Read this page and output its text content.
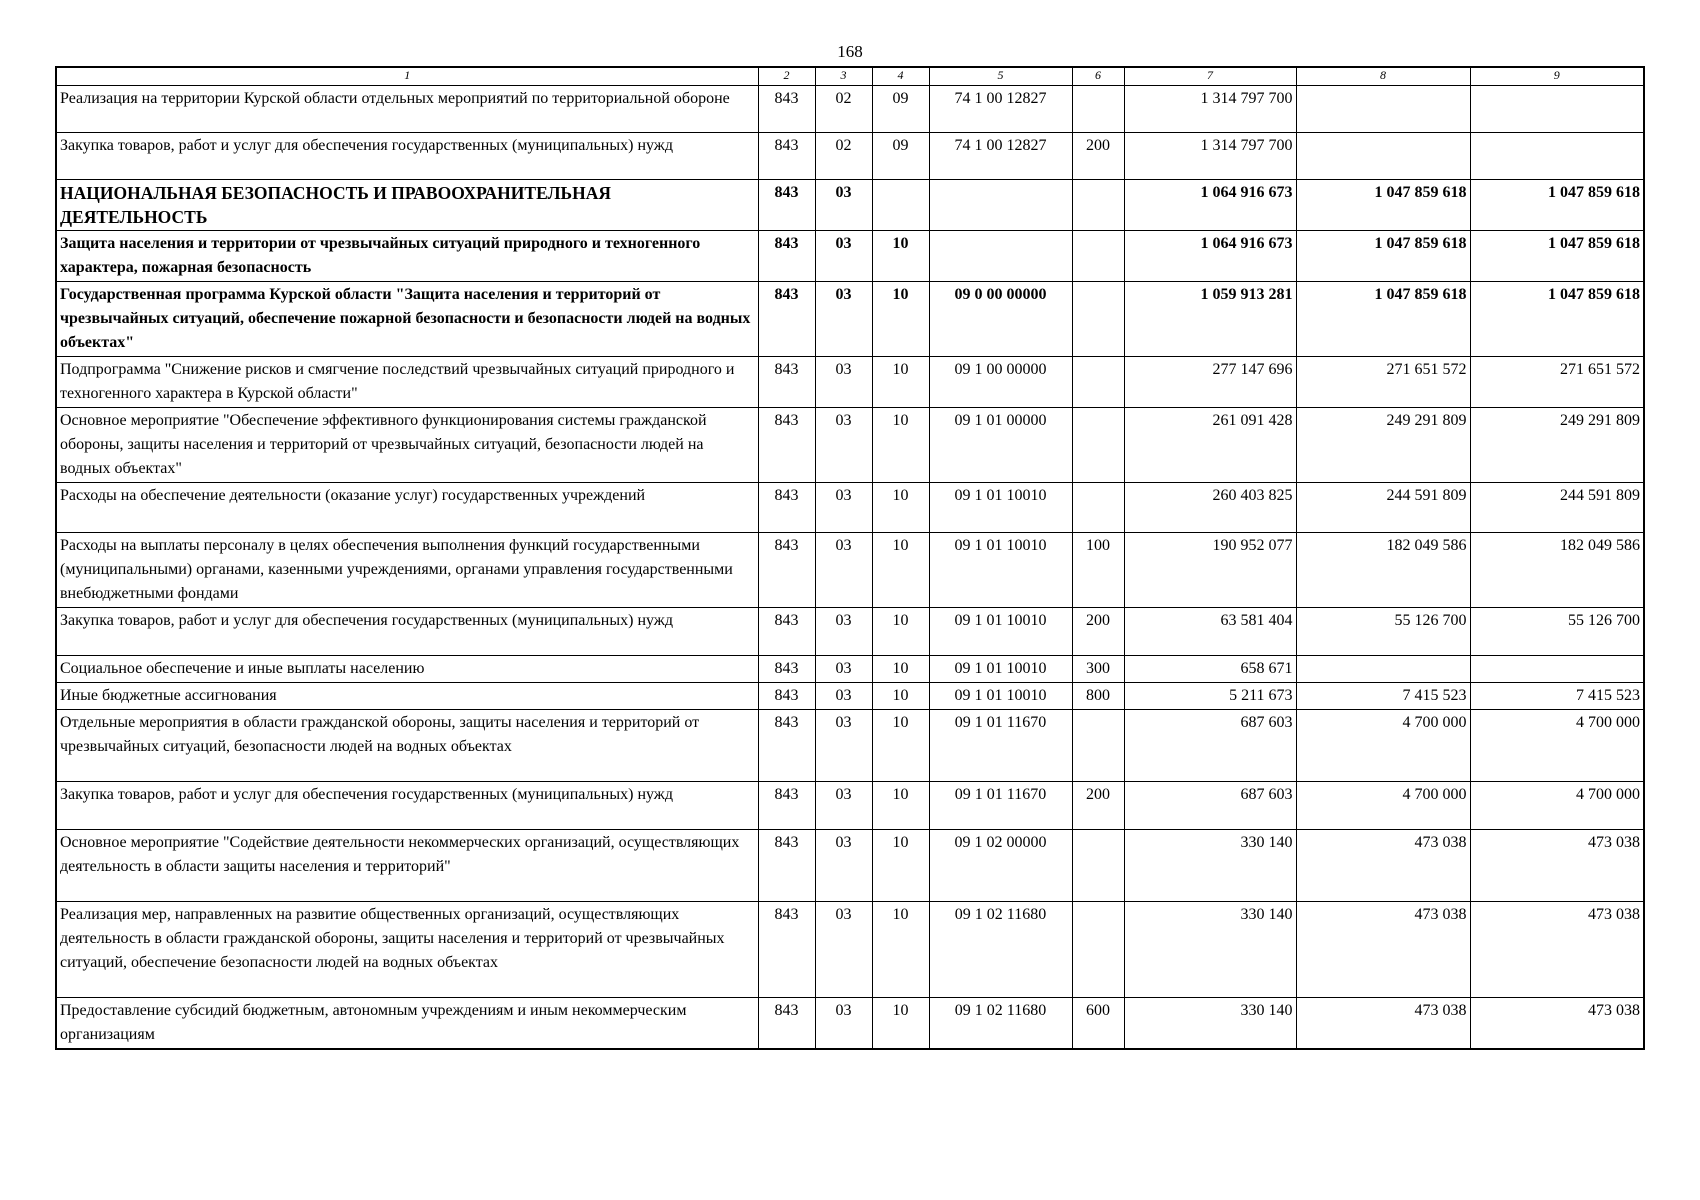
168
1	2	3	4	5	6	7	8	9
Реализация на территории Курской области отдельных мероприятий по территориальной обороне	843	02	09	74 1 00 12827		1 314 797 700		
Закупка товаров, работ и услуг для обеспечения государственных (муниципальных) нужд	843	02	09	74 1 00 12827	200	1 314 797 700		
НАЦИОНАЛЬНАЯ БЕЗОПАСНОСТЬ И ПРАВООХРАНИТЕЛЬНАЯ ДЕЯТЕЛЬНОСТЬ	843	03				1 064 916 673	1 047 859 618	1 047 859 618
Защита населения и территории от чрезвычайных ситуаций природного и техногенного характера, пожарная безопасность	843	03	10			1 064 916 673	1 047 859 618	1 047 859 618
Государственная программа Курской области "Защита населения и территорий от чрезвычайных ситуаций, обеспечение пожарной безопасности и безопасности людей на водных объектах"	843	03	10	09 0 00 00000		1 059 913 281	1 047 859 618	1 047 859 618
Подпрограмма "Снижение рисков и смягчение последствий чрезвычайных ситуаций природного и техногенного характера в Курской области"	843	03	10	09 1 00 00000		277 147 696	271 651 572	271 651 572
Основное мероприятие "Обеспечение эффективного функционирования системы гражданской обороны, защиты населения и территорий от чрезвычайных ситуаций, безопасности людей на водных объектах"	843	03	10	09 1 01 00000		261 091 428	249 291 809	249 291 809
Расходы на обеспечение деятельности (оказание услуг) государственных учреждений	843	03	10	09 1 01 10010		260 403 825	244 591 809	244 591 809
Расходы на выплаты персоналу в целях обеспечения выполнения функций государственными (муниципальными) органами, казенными учреждениями, органами управления государственными внебюджетными фондами	843	03	10	09 1 01 10010	100	190 952 077	182 049 586	182 049 586
Закупка товаров, работ и услуг для обеспечения государственных (муниципальных) нужд	843	03	10	09 1 01 10010	200	63 581 404	55 126 700	55 126 700
Социальное обеспечение и иные выплаты населению	843	03	10	09 1 01 10010	300	658 671		
Иные бюджетные ассигнования	843	03	10	09 1 01 10010	800	5 211 673	7 415 523	7 415 523
Отдельные мероприятия в области гражданской обороны, защиты населения и территорий от чрезвычайных ситуаций, безопасности людей на водных объектах	843	03	10	09 1 01 11670		687 603	4 700 000	4 700 000
Закупка товаров, работ и услуг для обеспечения государственных (муниципальных) нужд	843	03	10	09 1 01 11670	200	687 603	4 700 000	4 700 000
Основное мероприятие "Содействие деятельности некоммерческих организаций, осуществляющих деятельность в области защиты населения и территорий"	843	03	10	09 1 02 00000		330 140	473 038	473 038
Реализация мер, направленных на развитие общественных организаций, осуществляющих деятельность в области гражданской обороны, защиты населения и территорий от чрезвычайных ситуаций, обеспечение безопасности людей на водных объектах	843	03	10	09 1 02 11680		330 140	473 038	473 038
Предоставление субсидий бюджетным, автономным учреждениям и иным некоммерческим организациям	843	03	10	09 1 02 11680	600	330 140	473 038	473 038
